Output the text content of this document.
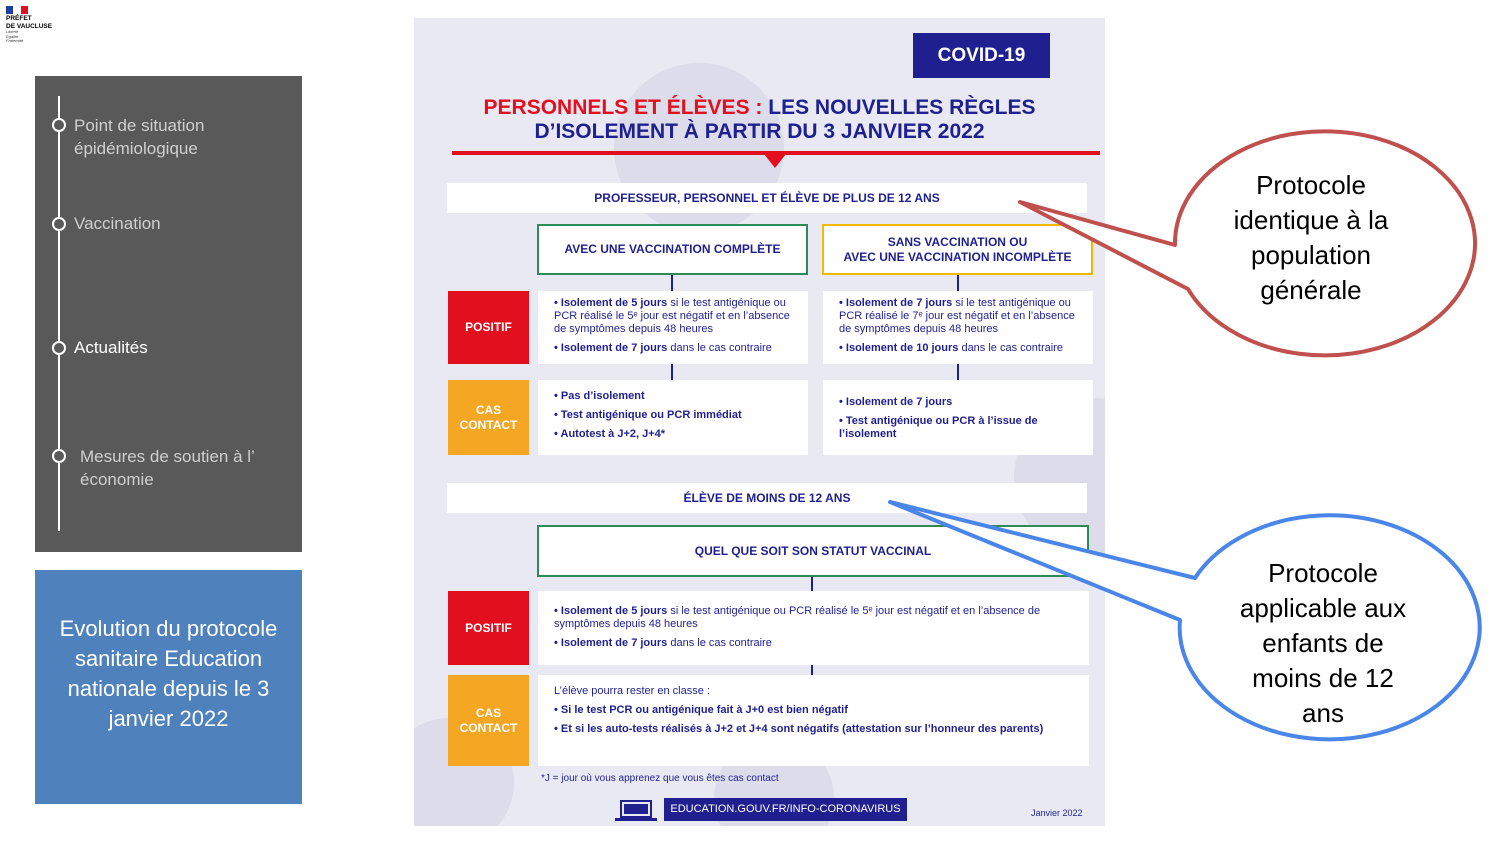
PRÉFET
DE VAUCLUSE
Liberté
Égalité
Fraternité
Point de situation épidémiologique
Vaccination
Actualités
Mesures de soutien à l’ économie
Evolution du protocole sanitaire Education nationale depuis le 3 janvier 2022
COVID-19
PERSONNELS ET ÉLÈVES : LES NOUVELLES RÈGLES
D’ISOLEMENT À PARTIR DU 3 JANVIER 2022
PROFESSEUR, PERSONNEL ET ÉLÈVE DE PLUS DE 12 ANS
AVEC UNE VACCINATION COMPLÈTE
SANS VACCINATION OU
AVEC UNE VACCINATION INCOMPLÈTE
POSITIF

• Isolement de 5 jours si le test antigénique ou PCR réalisé le 5ᵉ jour est négatif et en l’absence de symptômes depuis 48 heures

• Isolement de 7 jours dans le cas contraire

• Isolement de 7 jours si le test antigénique ou PCR réalisé le 7ᵉ jour est négatif et en l’absence de symptômes depuis 48 heures

• Isolement de 10 jours dans le cas contraire

CAS
CONTACT

• Pas d’isolement

• Test antigénique ou PCR immédiat

• Autotest à J+2, J+4*

• Isolement de 7 jours

• Test antigénique ou PCR à l’issue de l’isolement

ÉLÈVE DE MOINS DE 12 ANS
QUEL QUE SOIT SON STATUT VACCINAL
POSITIF

• Isolement de 5 jours si le test antigénique ou PCR réalisé le 5ᵉ jour est négatif et en l’absence de symptômes depuis 48 heures

• Isolement de 7 jours dans le cas contraire

CAS
CONTACT

L’élève pourra rester en classe :

• Si le test PCR ou antigénique fait à J+0 est bien négatif

• Et si les auto-tests réalisés à J+2 et J+4 sont négatifs (attestation sur l’honneur des parents)

*J = jour où vous apprenez que vous êtes cas contact
EDUCATION.GOUV.FR/INFO-CORONAVIRUS	Janvier 2022
Protocole identique à la population générale
Protocole applicable aux enfants de moins de 12 ans
